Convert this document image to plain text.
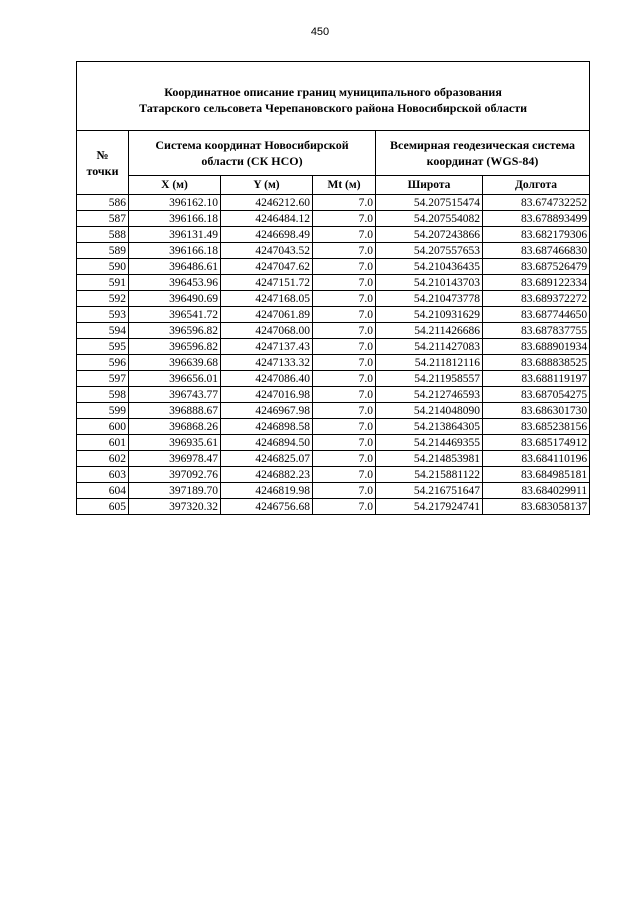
450
Координатное описание границ муниципального образования
Татарского сельсовета Черепановского района Новосибирской области					

№
точки	Система координат Новосибирской
области (СК НСО)			Всемирная геодезическая система
координат (WGS-84)	

	X (м)	Y (м)	Mt (м)	Широта	Долгота
586	396162.10	4246212.60	7.0	54.207515474	83.674732252
587	396166.18	4246484.12	7.0	54.207554082	83.678893499
588	396131.49	4246698.49	7.0	54.207243866	83.682179306
589	396166.18	4247043.52	7.0	54.207557653	83.687466830
590	396486.61	4247047.62	7.0	54.210436435	83.687526479
591	396453.96	4247151.72	7.0	54.210143703	83.689122334
592	396490.69	4247168.05	7.0	54.210473778	83.689372272
593	396541.72	4247061.89	7.0	54.210931629	83.687744650
594	396596.82	4247068.00	7.0	54.211426686	83.687837755
595	396596.82	4247137.43	7.0	54.211427083	83.688901934
596	396639.68	4247133.32	7.0	54.211812116	83.688838525
597	396656.01	4247086.40	7.0	54.211958557	83.688119197
598	396743.77	4247016.98	7.0	54.212746593	83.687054275
599	396888.67	4246967.98	7.0	54.214048090	83.686301730
600	396868.26	4246898.58	7.0	54.213864305	83.685238156
601	396935.61	4246894.50	7.0	54.214469355	83.685174912
602	396978.47	4246825.07	7.0	54.214853981	83.684110196
603	397092.76	4246882.23	7.0	54.215881122	83.684985181
604	397189.70	4246819.98	7.0	54.216751647	83.684029911
605	397320.32	4246756.68	7.0	54.217924741	83.683058137
